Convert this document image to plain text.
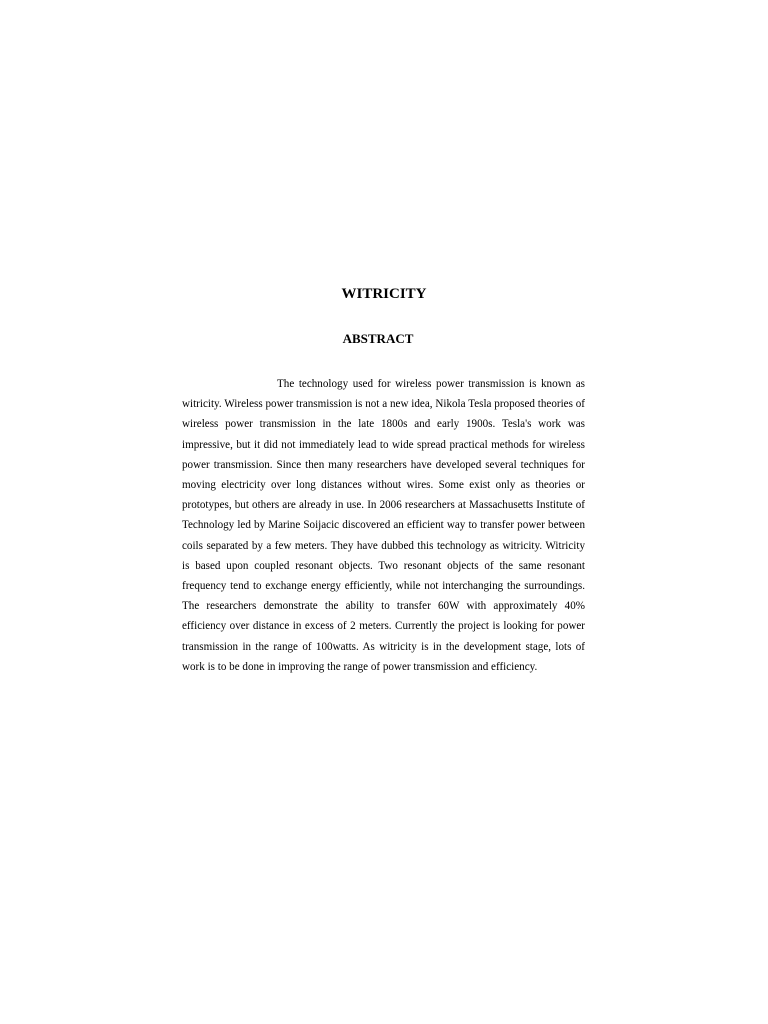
WITRICITY
ABSTRACT

The technology used for wireless power transmission is known as witricity. Wireless power transmission is not a new idea, Nikola Tesla proposed theories of wireless power transmission in the late 1800s and early 1900s. Tesla's work was impressive, but it did not immediately lead to wide spread practical methods for wireless power transmission. Since then many researchers have developed several techniques for moving electricity over long distances without wires. Some exist only as theories or prototypes, but others are already in use. In 2006 researchers at Massachusetts Institute of Technology led by Marine Soijacic discovered an efficient way to transfer power between coils separated by a few meters. They have dubbed this technology as witricity. Witricity is based upon coupled resonant objects. Two resonant objects of the same resonant frequency tend to exchange energy efficiently, while not interchanging the surroundings. The researchers demonstrate the ability to transfer 60W with approximately 40% efficiency over distance in excess of 2 meters. Currently the project is looking for power transmission in the range of 100watts. As witricity is in the development stage, lots of work is to be done in improving the range of power transmission and efficiency.
